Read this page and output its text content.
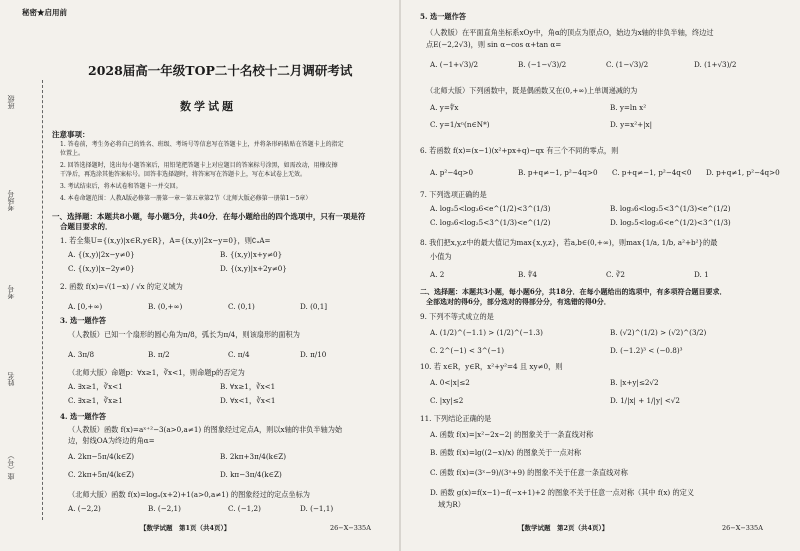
秘密★启用前
班级
考场号
考号
姓名
座（号）
2028届高一年级TOP二十名校十二月调研考试
数学试题
注意事项：
1. 答卷前，考生务必将自己的姓名、班级、考场号等信息写在答题卡上，并将条形码粘贴在答题卡上的指定
位置上。
2. 回答选择题时，选出每小题答案后，用铅笔把答题卡上对应题目的答案标号涂黑，如需改动，用橡皮擦
干净后，再选涂其他答案标号。回答非选择题时，将答案写在答题卡上，写在本试卷上无效。
3. 考试结束后，将本试卷和答题卡一并交回。
4. 本卷命题范围：人教A版必修第一册第一章～第五章第2节（北师大版必修第一册第1～5章）
一、选择题：本题共8小题，每小题5分，共40分．在每小题给出的四个选项中，只有一项是符
合题目要求的．
1. 若全集U={(x,y)|x∈R,y∈R}，A={(x,y)|2x−y=0}，则∁ᵤA=
A. {(x,y)|2x−y≠0}	B. {(x,y)|x+y≠0}
C. {(x,y)|x−2y≠0}	D. {(x,y)|x+2y≠0}
2. 函数 f(x)=√(1−x) / √x 的定义域为
A. [0,+∞)	B. (0,+∞)	C. (0,1)	D. (0,1]
3. 选一题作答
（人教版）已知一个扇形的圆心角为π/8，弧长为π/4，则该扇形的面积为
A. 3π/8	B. π/2	C. π/4	D. π/10
（北师大版）命题p：∀x≥1，∛x<1，则命题p的否定为
A. ∃x≥1，∛x<1	B. ∀x≥1，∛x<1
C. ∃x≥1，∛x≥1	D. ∀x<1，∛x<1
4. 选一题作答
（人教版）函数 f(x)=aˣ⁺²−3(a>0,a≠1) 的图象经过定点A，则以x轴的非负半轴为始
边，射线OA为终边的角α=
A. 2kπ−5π/4(k∈Z)	B. 2kπ+3π/4(k∈Z)
C. 2kπ+5π/4(k∈Z)	D. kπ−3π/4(k∈Z)
（北师大版）函数 f(x)=logₐ(x+2)+1(a>0,a≠1) 的图象经过的定点坐标为
A. (−2,2)	B. (−2,1)	C. (−1,2)	D. (−1,1)
【数学试题　第1页（共4页）】	26−X−335A
5. 选一题作答
（人教版）在平面直角坐标系xOy中，角α的顶点为原点O，始边为x轴的非负半轴，终边过
点E(−2,2√3)，则 sin α−cos α+tan α=
A. (−1+√3)/2	B. (−1−√3)/2	C. (1−√3)/2	D. (1+√3)/2
（北师大版）下列函数中，既是偶函数又在(0,+∞)上单调递减的为
A. y=∜x	B. y=ln x²
C. y=1/xⁿ(n∈N*)	D. y=x²+|x|
6. 若函数 f(x)=(x−1)(x²+px+q)−qx 有三个不同的零点，则
A. p²−4q>0	B. p+q≠−1, p²−4q>0 C. p+q≠−1, p²−4q<0 D. p+q≠1, p²−4q>0
7. 下列选项正确的是
A. log₂5<log₃6<e^(1/2)<3^(1/3)	B. log₃6<log₂5<3^(1/3)<e^(1/2)
C. log₃6<log₂5<3^(1/3)<e^(1/2)	D. log₂5<log₃6<e^(1/2)<3^(1/3)
8. 我们把x,y,z中的最大值记为max{x,y,z}，若a,b∈(0,+∞)，则max{1/a, 1/b, a²+b²}的最
小值为
A. 2	B. ∜4	C. ∛2	D. 1
二、选择题：本题共3小题，每小题6分，共18分．在每小题给出的选项中，有多项符合题目要求．
全部选对的得6分，部分选对的得部分分，有选错的得0分．
9. 下列不等式成立的是
A. (1/2)^(−1.1) > (1/2)^(−1.3)	B. (√2)^(1/2) > (√2)^(3/2)
C. 2^(−1) < 3^(−1)	D. (−1.2)³ < (−0.8)³
10. 若 x∈R，y∈R，x²+y²=4 且 xy≠0，则
A. 0<|x|≤2	B. |x+y|≤2√2
C. |xy|≤2	D. 1/|x| + 1/|y| <√2
11. 下列结论正确的是
A. 函数 f(x)=|x²−2x−2| 的图象关于一条直线对称
B. 函数 f(x)=lg((2−x)/x) 的图象关于一点对称
C. 函数 f(x)=(3ˣ−9)/(3ˣ+9) 的图象不关于任意一条直线对称
D. 函数 g(x)=f(x−1)−f(−x+1)+2 的图象不关于任意一点对称（其中 f(x) 的定义
域为R）
【数学试题　第2页（共4页）】	26−X−335A
